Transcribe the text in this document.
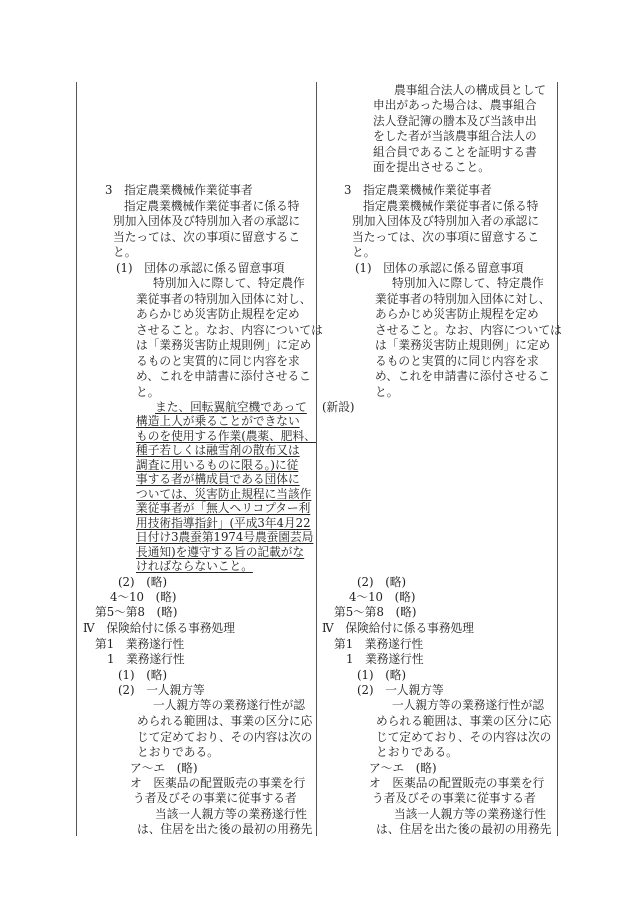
3　指定農業機械作業従事者
指定農業機械作業従事者に係る特
別加入団体及び特別加入者の承認に
当たっては、次の事項に留意するこ
と。
(1)　団体の承認に係る留意事項
特別加入に際して、特定農作
業従事者の特別加入団体に対し、
あらかじめ災害防止規程を定め
させること。なお、内容については
は「業務災害防止規則例」に定め
るものと実質的に同じ内容を求
め、これを申請書に添付させるこ
と。
また、回転翼航空機であって
構造上人が乗ることができない
ものを使用する作業(農薬、肥料、
種子若しくは融雪剤の散布又は
調査に用いるものに限る。)に従
事する者が構成員である団体に
ついては、災害防止規程に当該作
業従事者が「無人ヘリコプター利
用技術指導指針」(平成3年4月22
日付け3農蚕第1974号農蚕園芸局
長通知)を遵守する旨の記載がな
ければならないこと。
(2)　(略)
4〜10　(略)
第5〜第8　(略)
Ⅳ　保険給付に係る事務処理
第1　業務遂行性
1　業務遂行性
(1)　(略)
(2)　一人親方等
一人親方等の業務遂行性が認
められる範囲は、事業の区分に応
じて定めており、その内容は次の
とおりである。
ア〜エ　(略)
オ　医薬品の配置販売の事業を行
う者及びその事業に従事する者
当該一人親方等の業務遂行性
は、住居を出た後の最初の用務先
農事組合法人の構成員として
申出があった場合は、農事組合
法人登記簿の謄本及び当該申出
をした者が当該農事組合法人の
組合員であることを証明する書
面を提出させること。
3　指定農業機械作業従事者
指定農業機械作業従事者に係る特
別加入団体及び特別加入者の承認に
当たっては、次の事項に留意するこ
と。
(1)　団体の承認に係る留意事項
特別加入に際して、特定農作
業従事者の特別加入団体に対し、
あらかじめ災害防止規程を定め
させること。なお、内容については
は「業務災害防止規則例」に定め
るものと実質的に同じ内容を求
め、これを申請書に添付させるこ
と。
(2)　(略)
4〜10　(略)
第5〜第8　(略)
Ⅳ　保険給付に係る事務処理
第1　業務遂行性
1　業務遂行性
(1)　(略)
(2)　一人親方等
一人親方等の業務遂行性が認
められる範囲は、事業の区分に応
じて定めており、その内容は次の
とおりである。
ア〜エ　(略)
オ　医薬品の配置販売の事業を行
う者及びその事業に従事する者
当該一人親方等の業務遂行性
は、住居を出た後の最初の用務先
(新設)
